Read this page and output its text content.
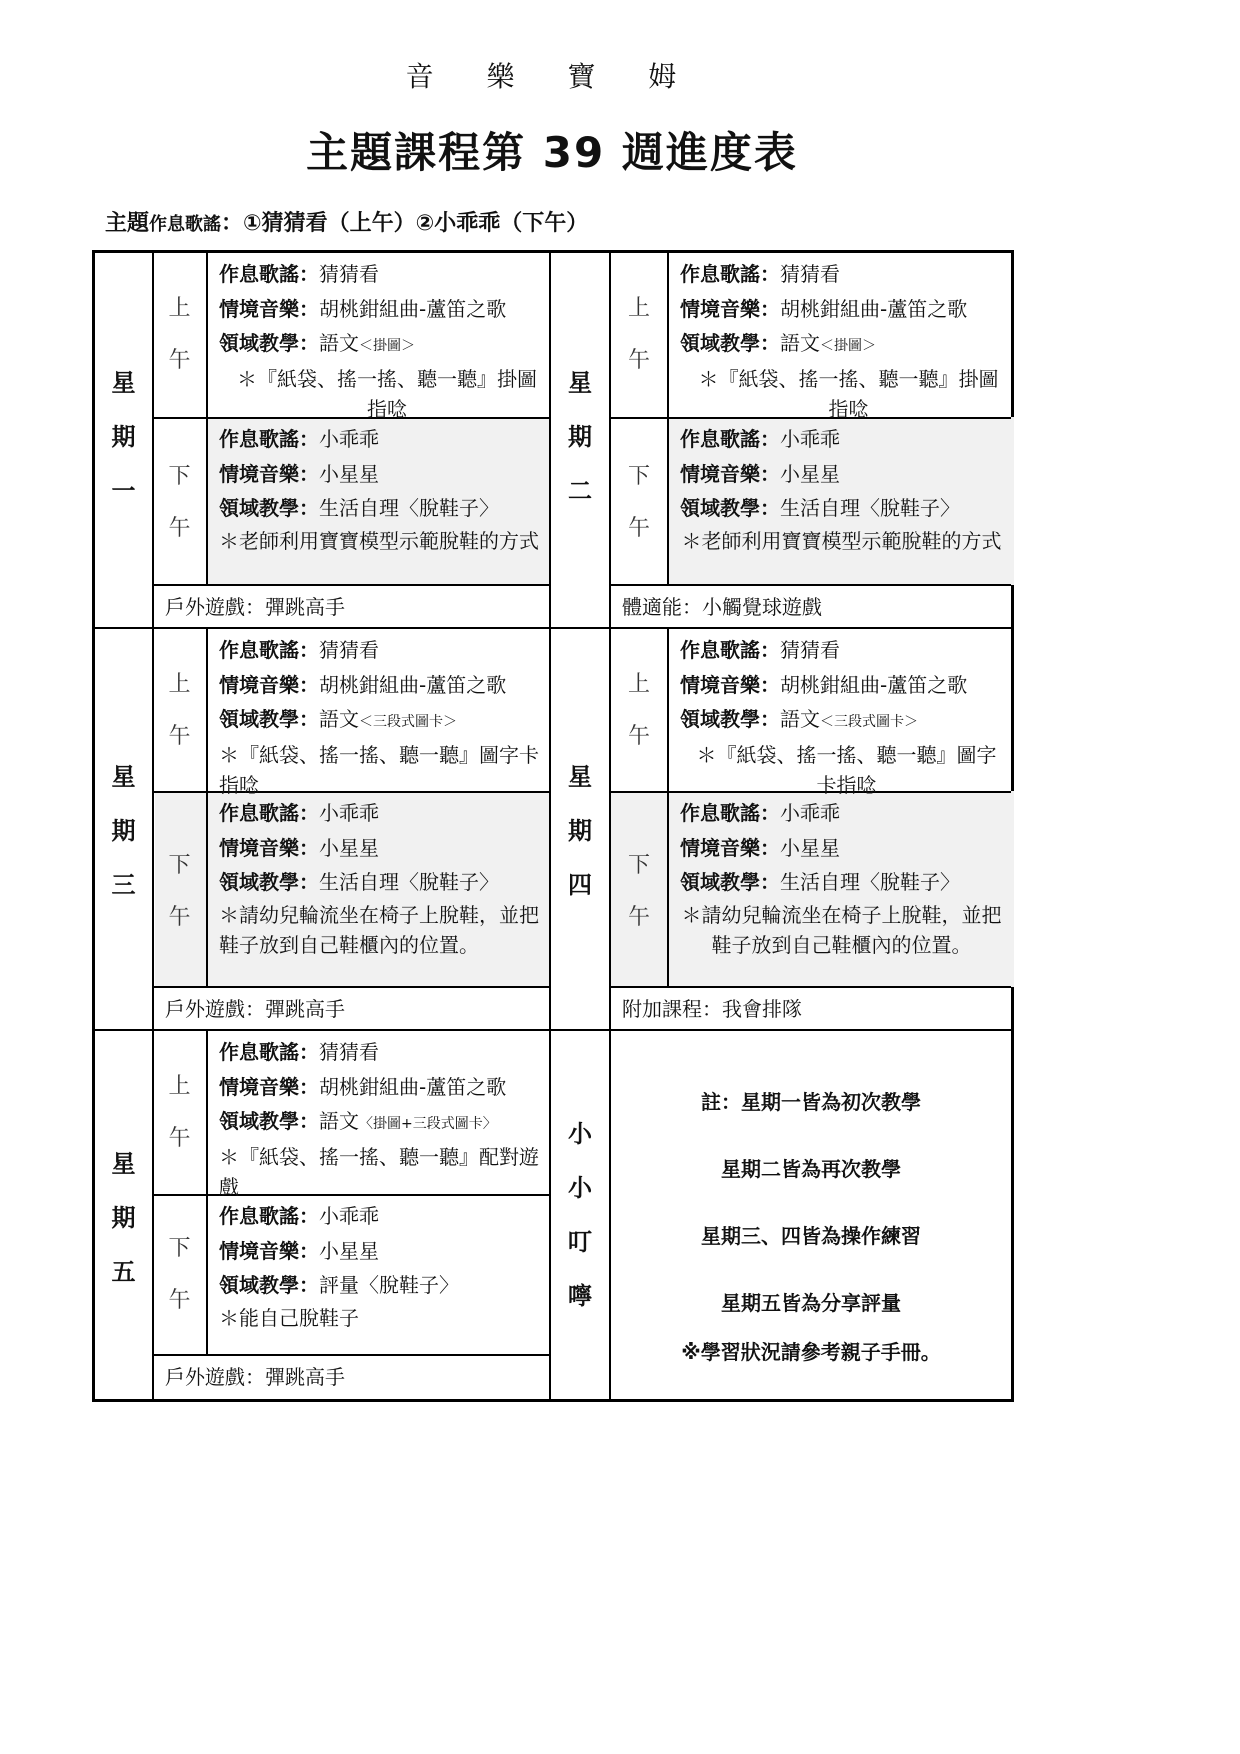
音 樂 寶 姆
主題課程第 39 週進度表
主題作息歌謠：①猜猜看（上午）②小乖乖（下午）
星
期
一
上
午
作息歌謠：猜猜看
情境音樂：胡桃鉗組曲-蘆笛之歌
領域教學：語文＜掛圖＞
＊『紙袋、搖一搖、聽一聽』掛圖指唸
下
午
作息歌謠：小乖乖
情境音樂：小星星
領域教學：生活自理〈脫鞋子〉
＊老師利用寶寶模型示範脫鞋的方式
戶外遊戲：彈跳高手
星
期
二
上
午
作息歌謠：猜猜看
情境音樂：胡桃鉗組曲-蘆笛之歌
領域教學：語文＜掛圖＞
＊『紙袋、搖一搖、聽一聽』掛圖指唸
下
午
作息歌謠：小乖乖
情境音樂：小星星
領域教學：生活自理〈脫鞋子〉
＊老師利用寶寶模型示範脫鞋的方式
體適能：小觸覺球遊戲
星
期
三
上
午
作息歌謠：猜猜看
情境音樂：胡桃鉗組曲-蘆笛之歌
領域教學：語文＜三段式圖卡＞
＊『紙袋、搖一搖、聽一聽』圖字卡指唸
下
午
作息歌謠：小乖乖
情境音樂：小星星
領域教學：生活自理〈脫鞋子〉
＊請幼兒輪流坐在椅子上脫鞋，並把鞋子放到自己鞋櫃內的位置。
戶外遊戲：彈跳高手
星
期
四
上
午
作息歌謠：猜猜看
情境音樂：胡桃鉗組曲-蘆笛之歌
領域教學：語文＜三段式圖卡＞
＊『紙袋、搖一搖、聽一聽』圖字卡指唸
下
午
作息歌謠：小乖乖
情境音樂：小星星
領域教學：生活自理〈脫鞋子〉
＊請幼兒輪流坐在椅子上脫鞋，並把鞋子放到自己鞋櫃內的位置。
附加課程：我會排隊
星
期
五
上
午
作息歌謠：猜猜看
情境音樂：胡桃鉗組曲-蘆笛之歌
領域教學：語文〈掛圖+三段式圖卡〉
＊『紙袋、搖一搖、聽一聽』配對遊戲
下
午
作息歌謠：小乖乖
情境音樂：小星星
領域教學：評量〈脫鞋子〉
＊能自己脫鞋子
戶外遊戲：彈跳高手
小
小
叮
嚀
註：星期一皆為初次教學
星期二皆為再次教學
星期三、四皆為操作練習
星期五皆為分享評量
※學習狀況請參考親子手冊。
